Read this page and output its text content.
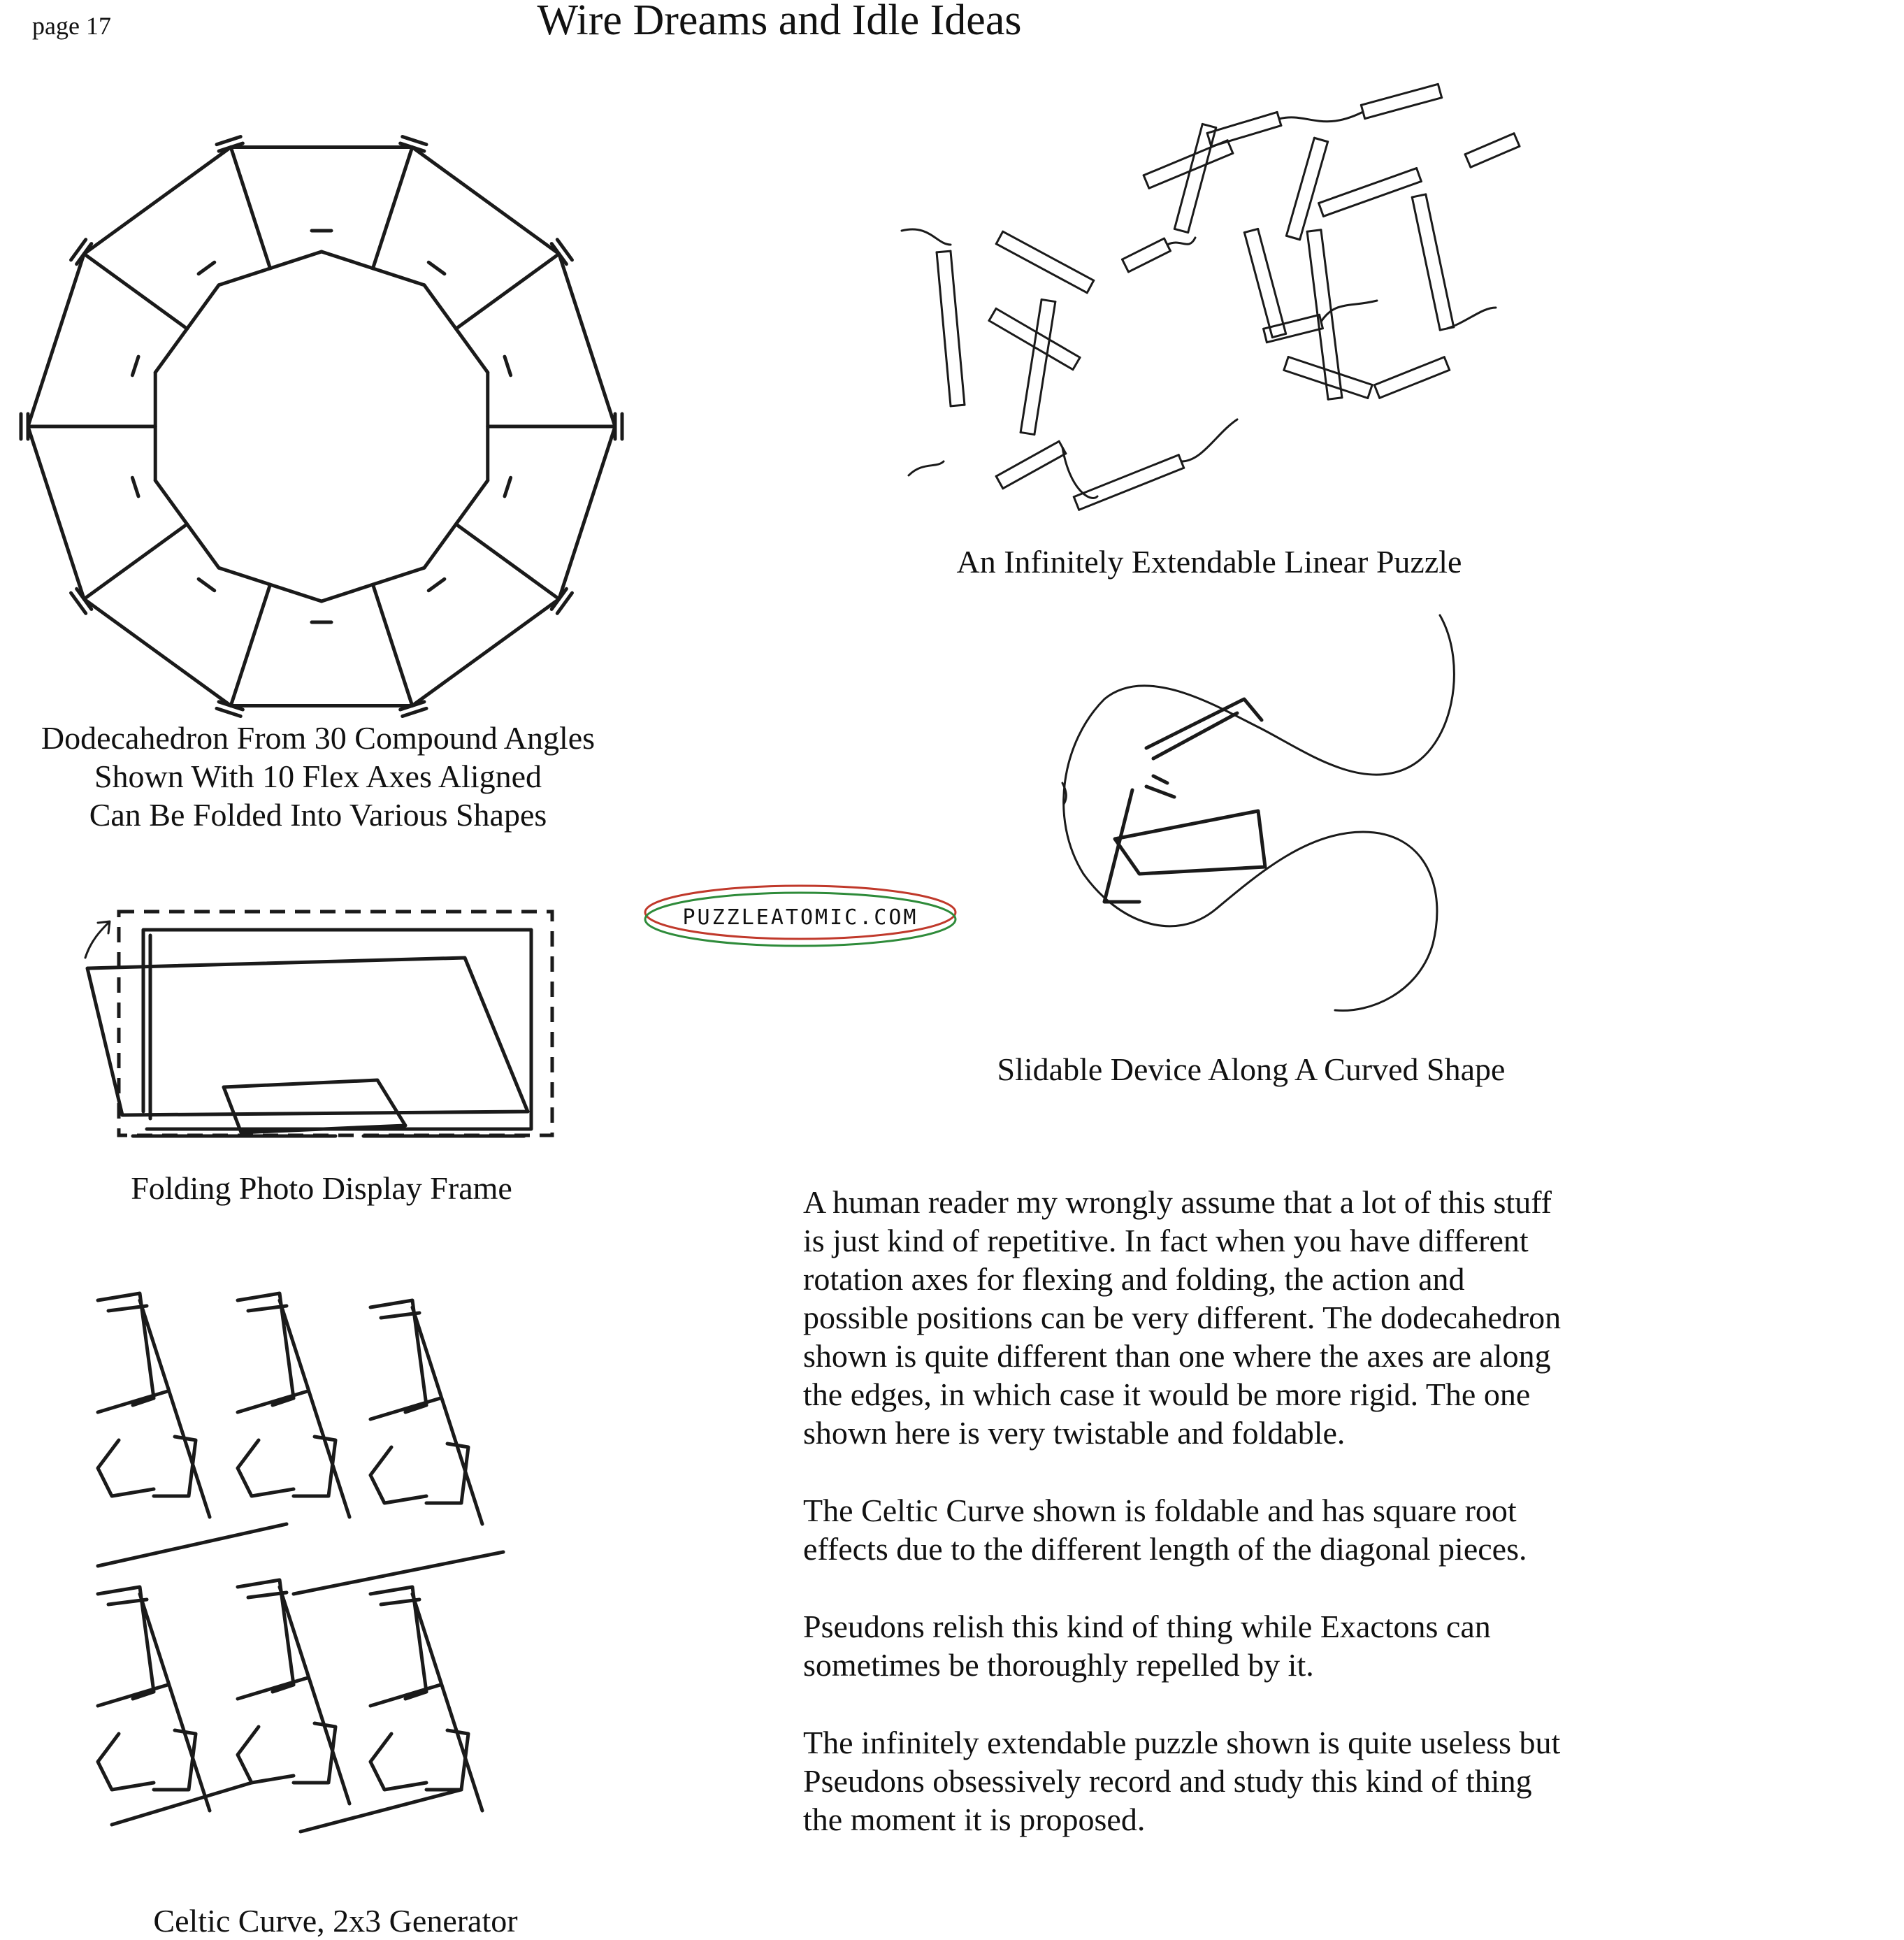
page 17	Wire Dreams and Idle Ideas
Dodecahedron From 30 Compound Angles
Shown With 10 Flex Axes Aligned
Can Be Folded Into Various Shapes
An Infinitely Extendable Linear Puzzle
Slidable Device Along A Curved Shape
PUZZLEATOMIC.COM
Folding Photo Display Frame
Celtic Curve, 2x3 Generator

A human reader my wrongly assume that a lot of this stuff is just kind of repetitive. In fact when you have different rotation axes for flexing and folding, the action and possible positions can be very different. The dodecahedron shown is quite different than one where the axes are along the edges, in which case it would be more rigid. The one shown here is very twistable and foldable.

The Celtic Curve shown is foldable and has square root effects due to the different length of the diagonal pieces.

Pseudons relish this kind of thing while Exactons can sometimes be thoroughly repelled by it.

The infinitely extendable puzzle shown is quite useless but Pseudons obsessively record and study this kind of thing the moment it is proposed.
